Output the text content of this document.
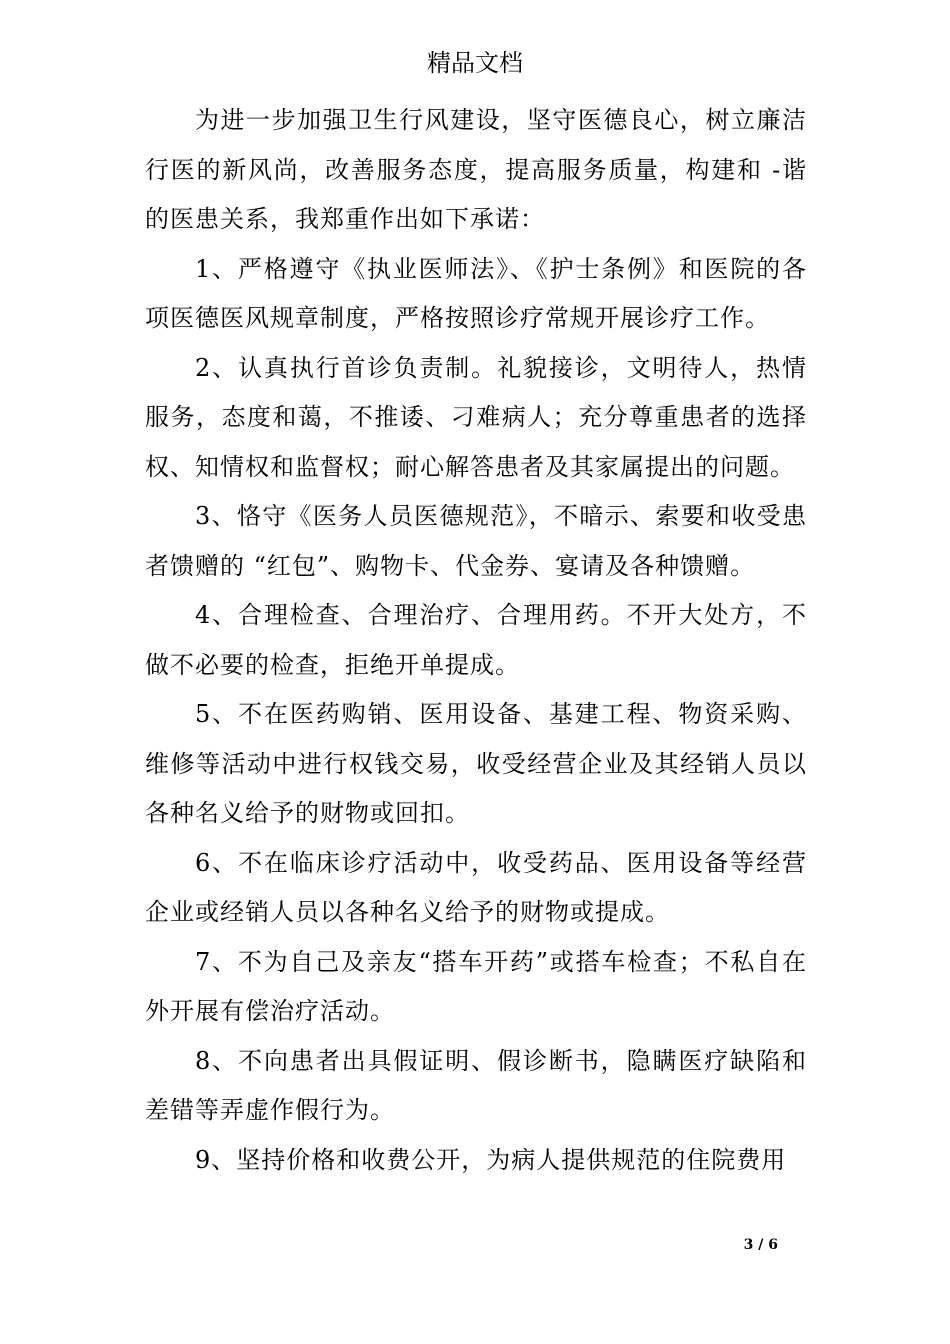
精品文档

为进一步加强卫生行风建设，坚守医德良心，树立廉洁行医的新风尚，改善服务态度，提高服务质量，构建和 -谐的医患关系，我郑重作出如下承诺：

1、严格遵守《执业医师法》、《护士条例》和医院的各项医德医风规章制度，严格按照诊疗常规开展诊疗工作。

2、认真执行首诊负责制。礼貌接诊，文明待人，热情服务，态度和蔼，不推诿、刁难病人；充分尊重患者的选择权、知情权和监督权；耐心解答患者及其家属提出的问题。

3、恪守《医务人员医德规范》，不暗示、索要和收受患者馈赠的 “红包”、购物卡、代金券、宴请及各种馈赠。

4、合理检查、合理治疗、合理用药。不开大处方，不做不必要的检查，拒绝开单提成。

5、不在医药购销、医用设备、基建工程、物资采购、维修等活动中进行权钱交易，收受经营企业及其经销人员以各种名义给予的财物或回扣。

6、不在临床诊疗活动中，收受药品、医用设备等经营企业或经销人员以各种名义给予的财物或提成。

7、不为自己及亲友“搭车开药”或搭车检查；不私自在外开展有偿治疗活动。

8、不向患者出具假证明、假诊断书，隐瞒医疗缺陷和差错等弄虚作假行为。

9、坚持价格和收费公开，为病人提供规范的住院费用

3 / 6
